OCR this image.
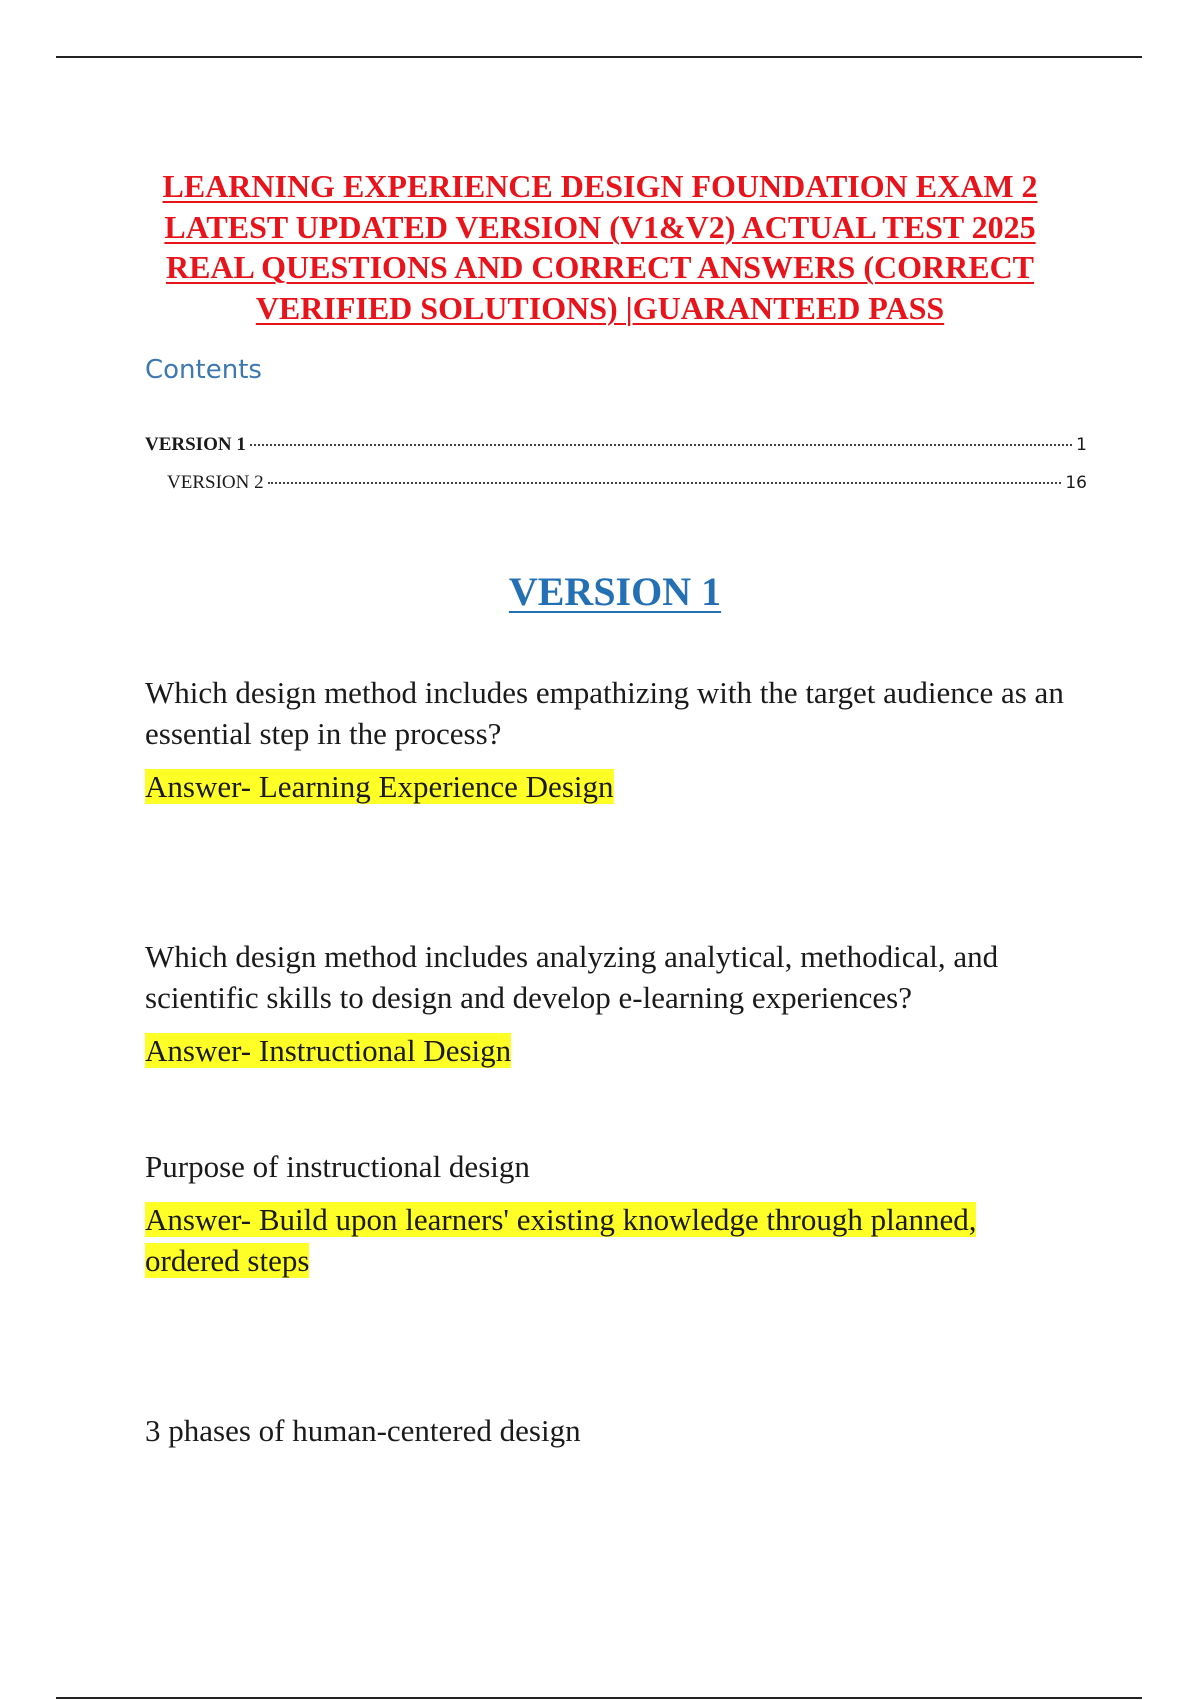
LEARNING EXPERIENCE DESIGN FOUNDATION EXAM 2 LATEST UPDATED VERSION (V1&V2) ACTUAL TEST 2025 REAL QUESTIONS AND CORRECT ANSWERS (CORRECT VERIFIED SOLUTIONS) |GUARANTEED PASS
Contents
VERSION 1	1
VERSION 2	16
VERSION 1

Which design method includes empathizing with the target audience as an essential step in the process?

Answer- Learning Experience Design

Which design method includes analyzing analytical, methodical, and scientific skills to design and develop e-learning experiences?

Answer- Instructional Design

Purpose of instructional design

Answer- Build upon learners' existing knowledge through planned, ordered steps

3 phases of human-centered design
